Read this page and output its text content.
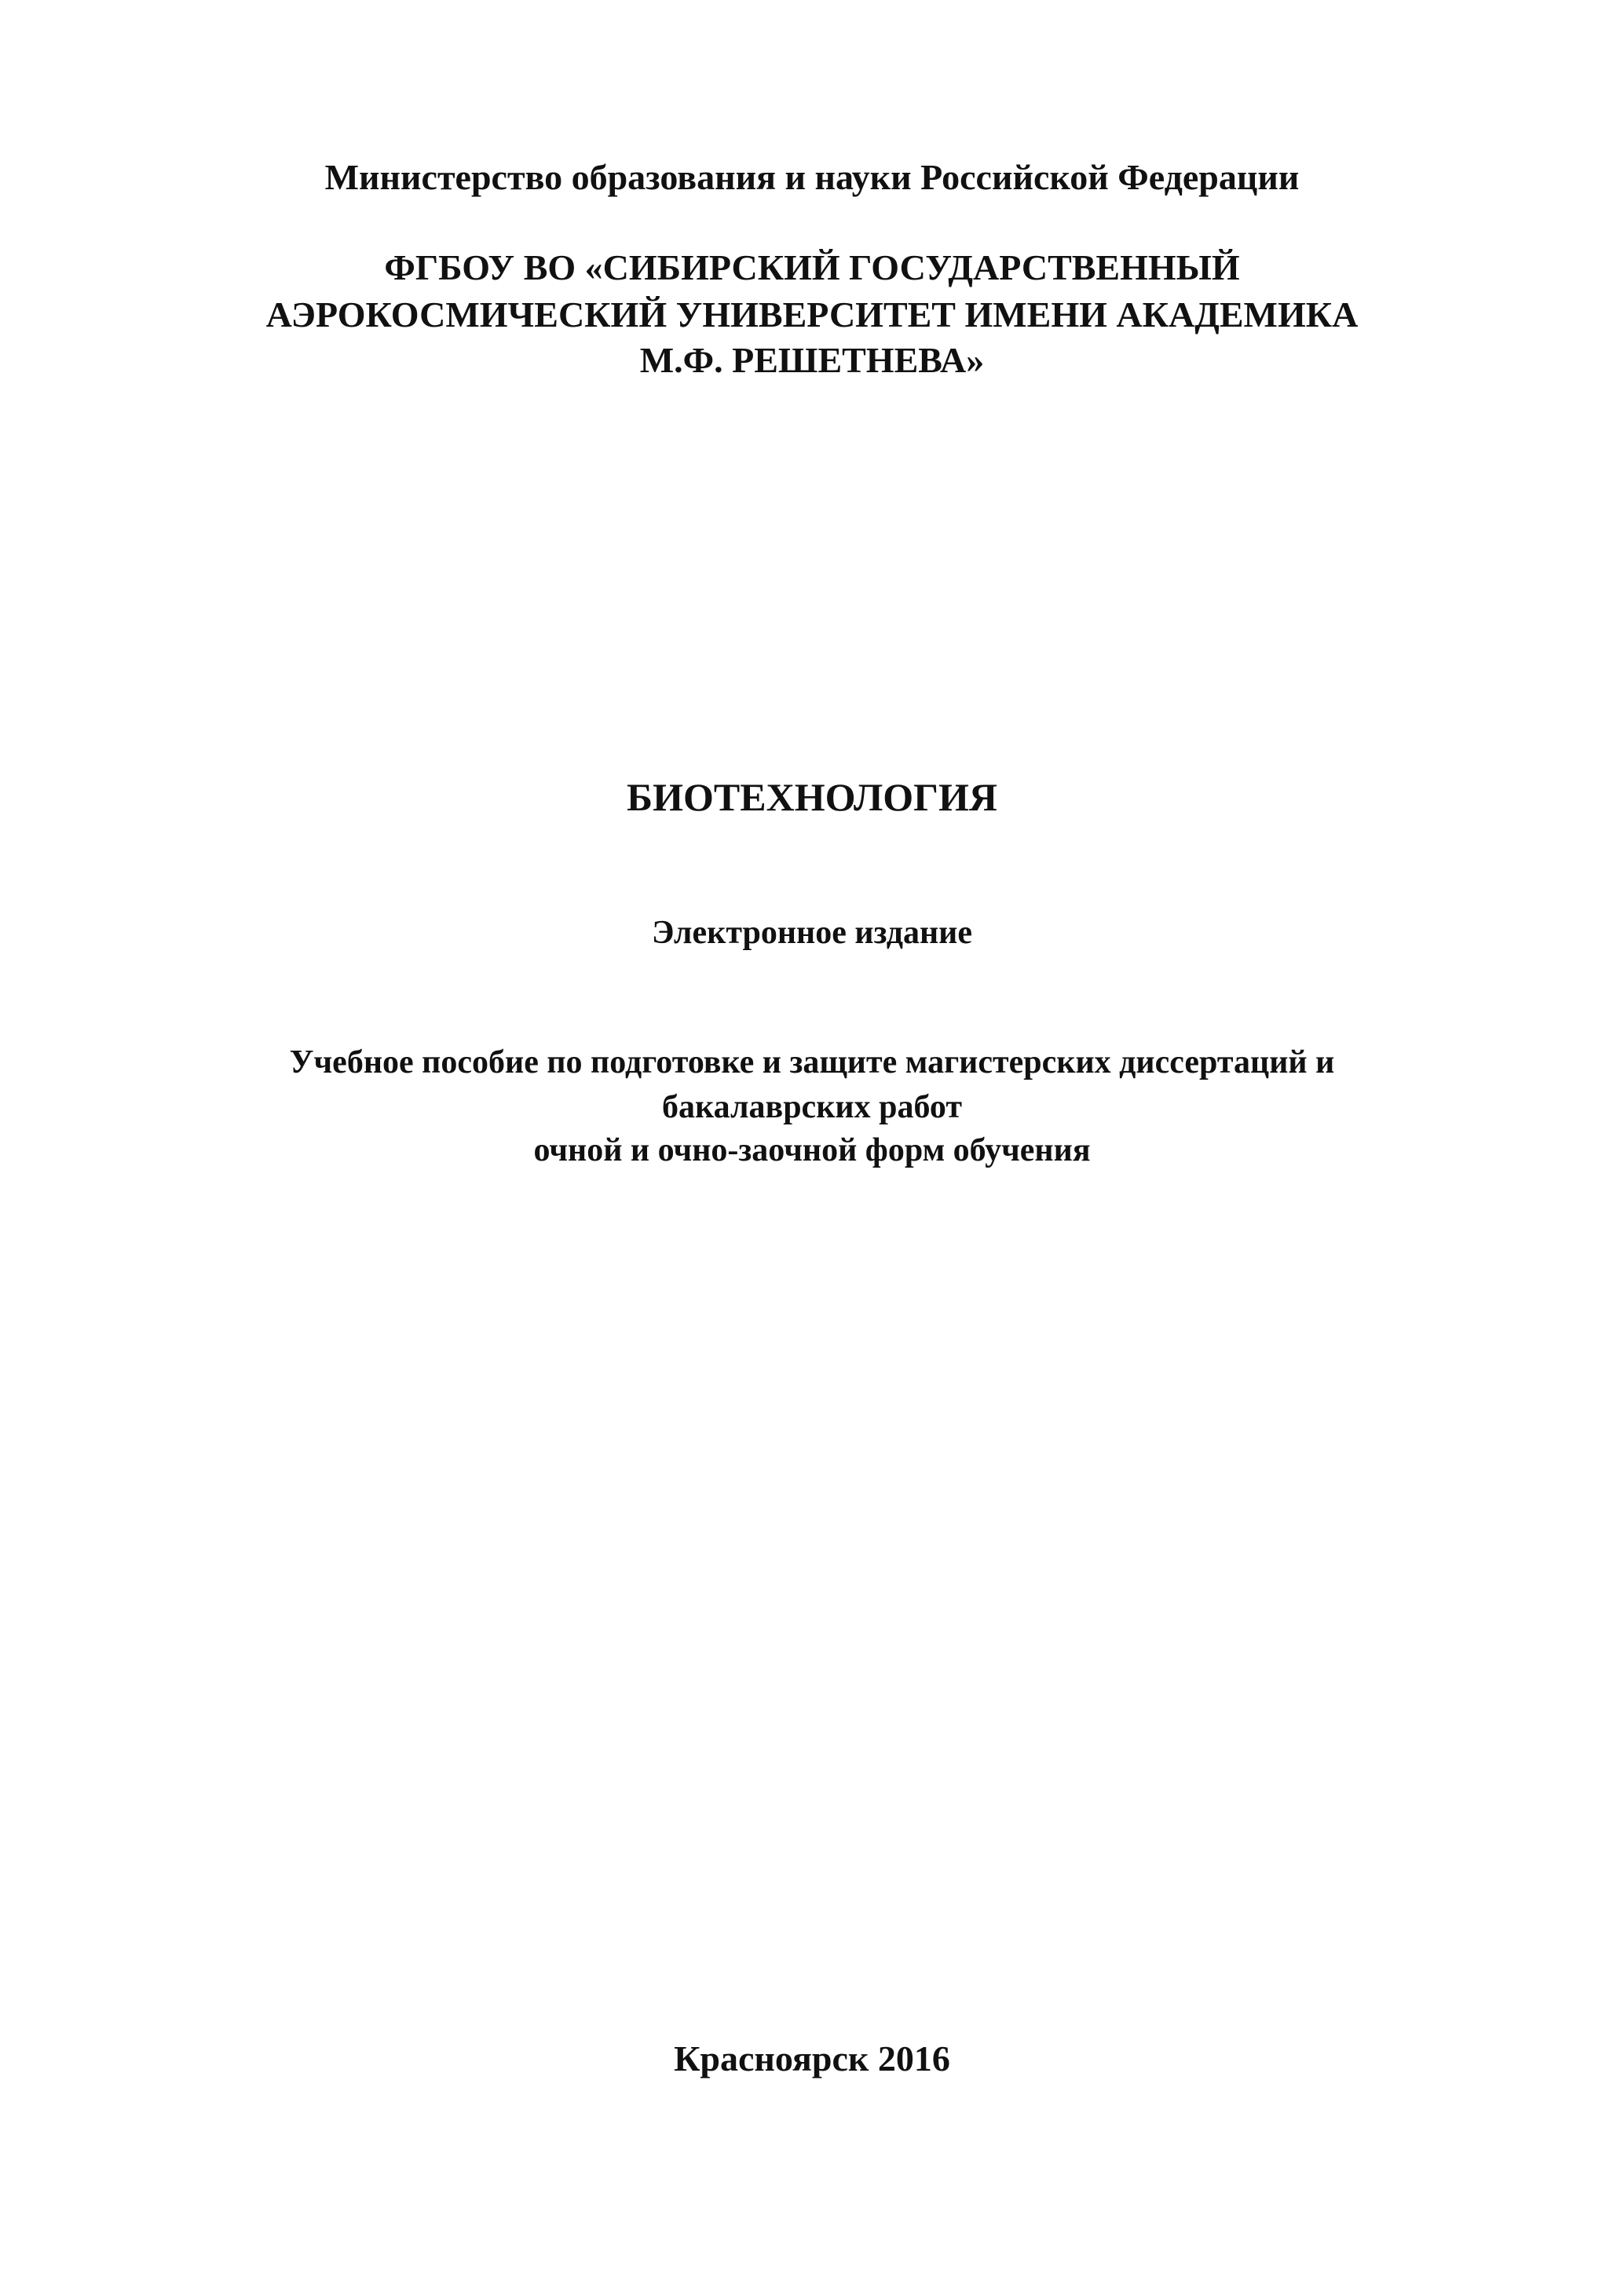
Министерство образования и науки Российской Федерации
ФГБОУ ВО «СИБИРСКИЙ ГОСУДАРСТВЕННЫЙ
АЭРОКОСМИЧЕСКИЙ УНИВЕРСИТЕТ ИМЕНИ АКАДЕМИКА
М.Ф. РЕШЕТНЕВА»
БИОТЕХНОЛОГИЯ
Электронное издание
Учебное пособие по подготовке и защите магистерских диссертаций и
бакалаврских работ
очной и очно-заочной форм обучения
Красноярск 2016
